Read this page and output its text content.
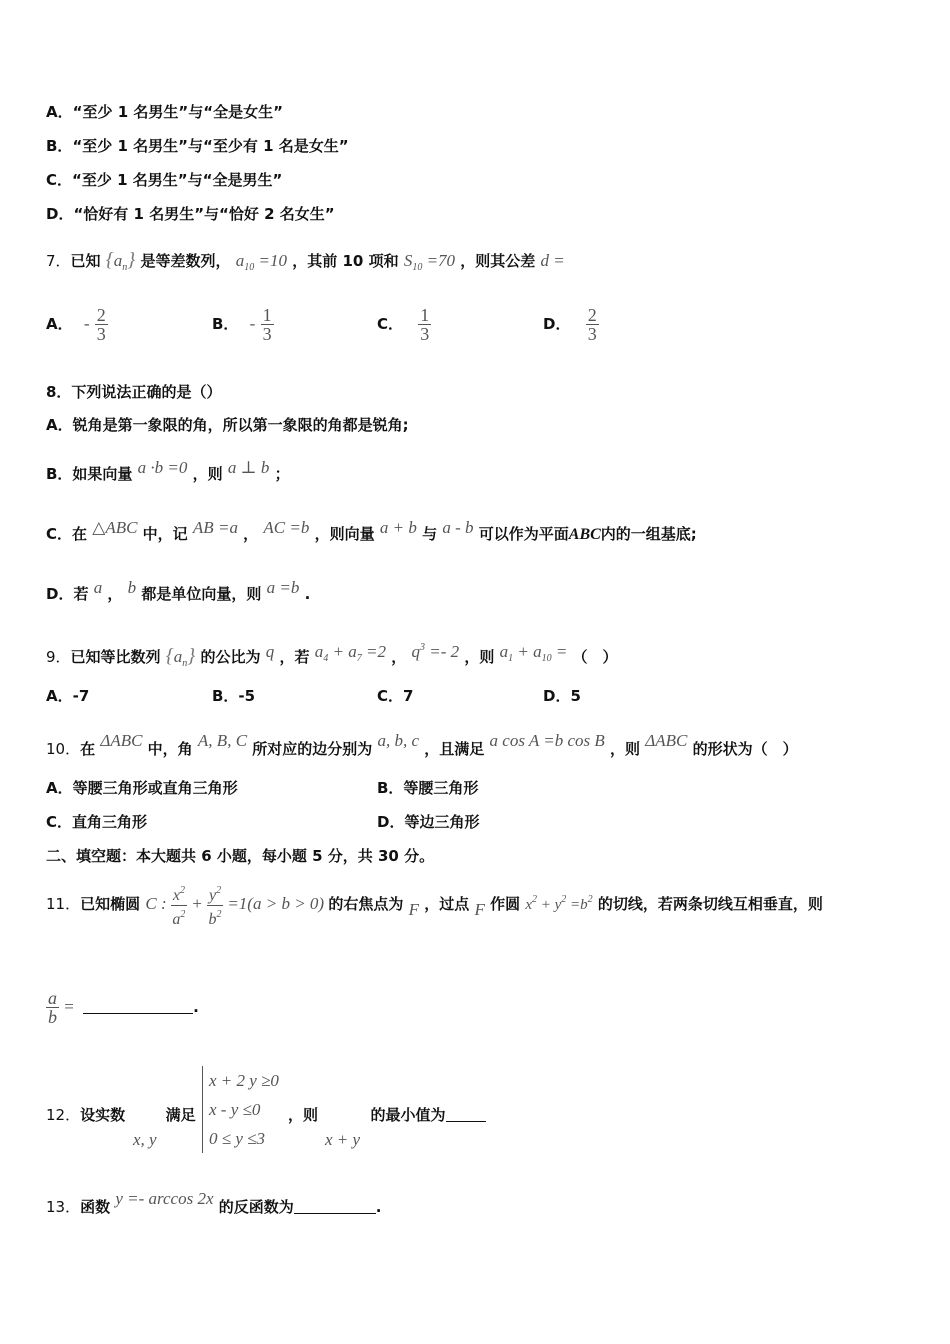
A．“至少 1 名男生”与“全是女生”
B．“至少 1 名男生”与“至少有 1 名是女生”
C．“至少 1 名男生”与“全是男生”
D．“恰好有 1 名男生”与“恰好 2 名女生”
7．已知 $\{a_n\}$ 是等差数列， $a_{10} =10$ ，其前 10 项和 $S_{10} =70$ ，则其公差 d =
A． - $\frac{2}{3}$	B． - $\frac{1}{3}$	C． $\frac{1}{3}$	D． $\frac{2}{3}$
8．下列说法正确的是（）
A．锐角是第一象限的角，所以第一象限的角都是锐角;
B．如果向量 a ·b =0 ，则 a ⊥ b ；
C．在 △ABC 中，记 AB =a ， AC =b ，则向量 a + b 与 a - b 可以作为平面ABC内的一组基底;
D．若 a ， b 都是单位向量，则 a =b .
9．已知等比数列 $\{a_n\}$ 的公比为 q ，若 $a_4 + a_7 =2$ ， $q^3 =- 2$ ，则 $a_1 + a_{10}$ = （　）
A．-7	B．-5	C．7	D．5
10．在 ΔABC 中，角 A, B, C 所对应的边分别为 a, b, c ，且满足 a cos A =b cos B ，则 ΔABC 的形状为（　）
A．等腰三角形或直角三角形	B．等腰三角形
C．直角三角形	D．等边三角形
二、填空题：本大题共 6 小题，每小题 5 分，共 30 分。
11．已知椭圆 C : $\frac{x^2}{a^2} + \frac{y^2}{b^2} =1(a > b > 0)$ 的右焦点为 F ，过点 F 作圆 $x^2 + y^2 =b^2$ 的切线，若两条切线互相垂直，则
$\frac{a}{b}$ =	.
12．设实数	满足
x, y
x + 2 y ≥0
x - y ≤0
0 ≤ y ≤3
，则	的最小值为
x + y
13．函数 y =- arccos 2x 的反函数为	.
